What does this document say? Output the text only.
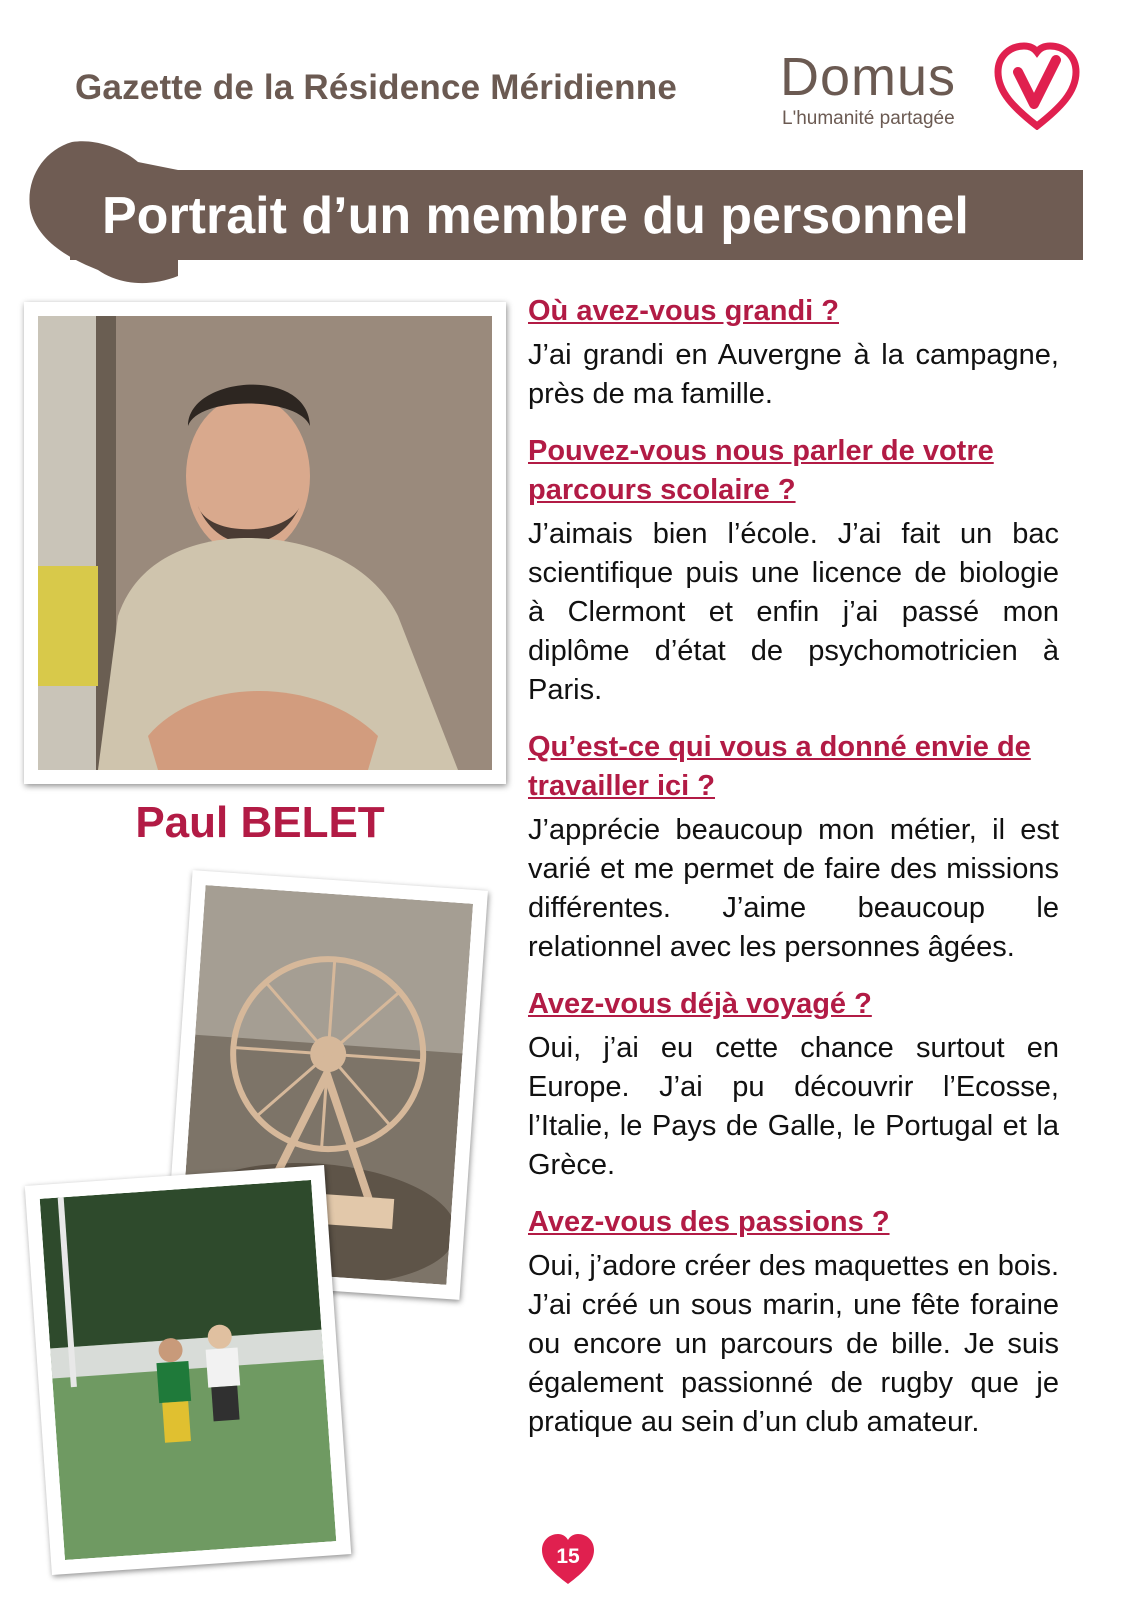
Gazette de la Résidence Méridienne Domus
L'humanité partagée
Portrait d’un membre du personnel
Paul BELET

Où avez-vous grandi ?

J’ai grandi en Auvergne à la campagne, près de ma famille.

Pouvez-vous nous parler de votre parcours scolaire ?

J’aimais bien l’école. J’ai fait un bac scientifique puis une licence de biologie à Clermont et enfin j’ai passé mon diplôme d’état de psychomotricien à Paris.

Qu’est-ce qui vous a donné envie de travailler ici ?

J’apprécie beaucoup mon métier, il est varié et me permet de faire des missions différentes. J’aime beaucoup le relationnel avec les personnes âgées.

Avez-vous déjà voyagé ?

Oui, j’ai eu cette chance surtout en Europe. J’ai pu découvrir l’Ecosse, l’Italie, le Pays de Galle, le Portugal et la Grèce.

Avez-vous des passions ?

Oui, j’adore créer des maquettes en bois. J’ai créé un sous marin, une fête foraine ou encore un parcours de bille. Je suis également passionné de rugby que je pratique au sein d’un club amateur.

15
